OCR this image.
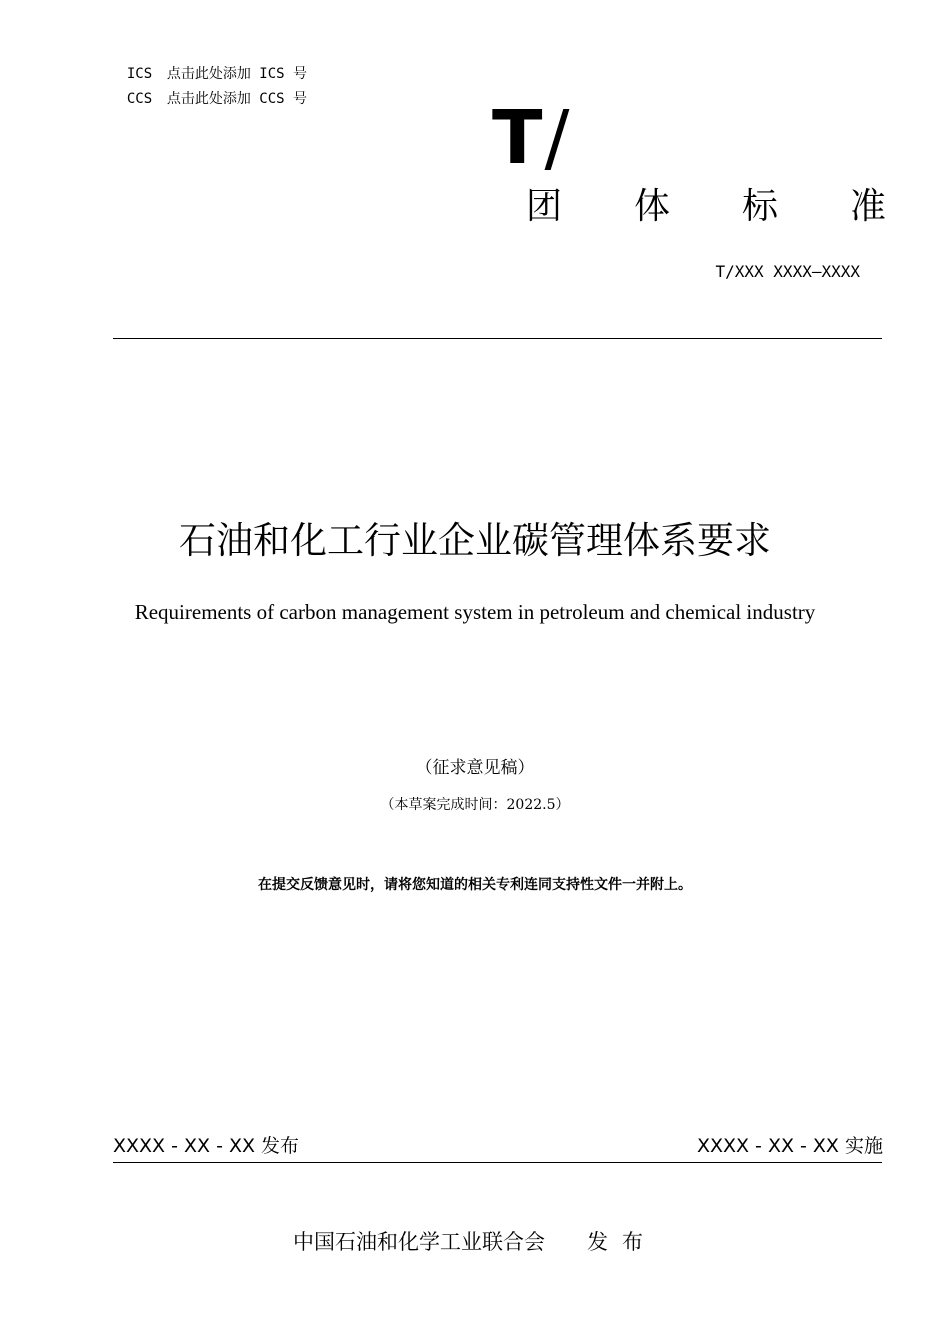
ICS 点击此处添加 ICS 号

CCS 点击此处添加 CCS 号 T/
团 体 标 准
T/XXX XXXX—XXXX
石油和化工行业企业碳管理体系要求
Requirements of carbon management system in petroleum and chemical industry
（征求意见稿）
（本草案完成时间：2022.5）
在提交反馈意见时，请将您知道的相关专利连同支持性文件一并附上。
XXXX - XX - XX 发布	XXXX - XX - XX 实施
中国石油和化学工业联合会 发布
